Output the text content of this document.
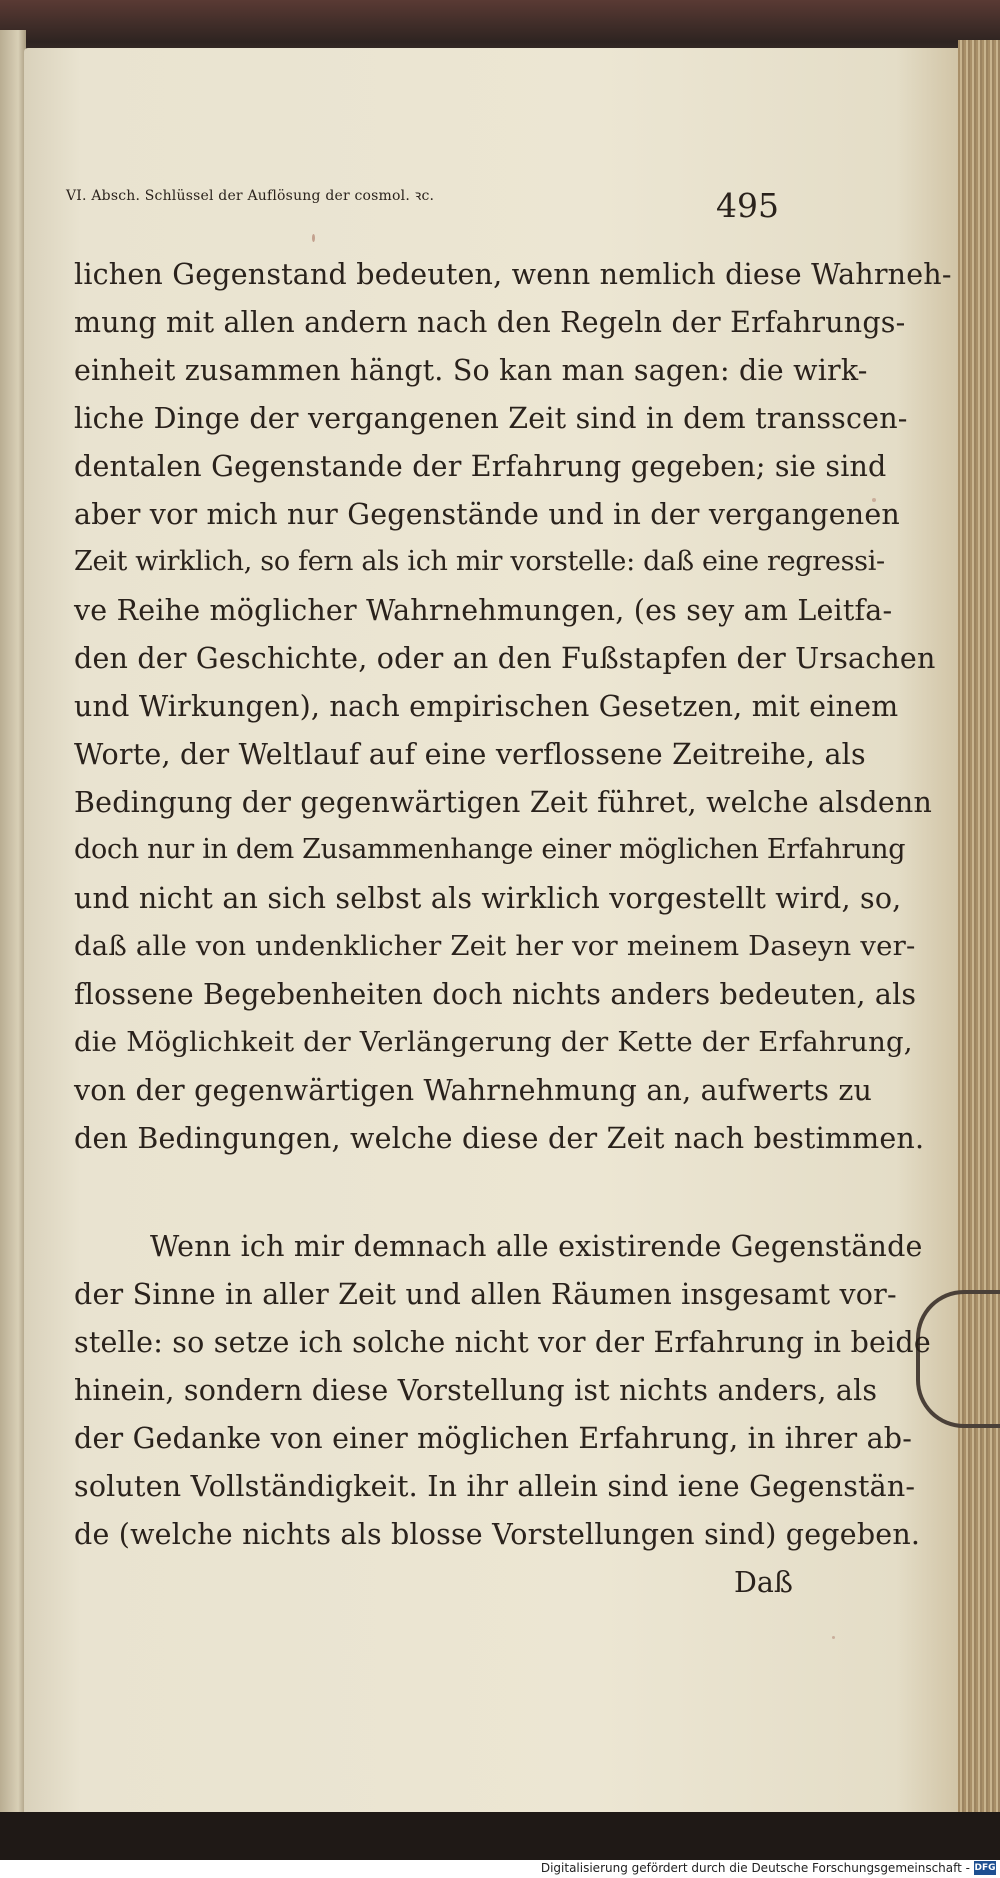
VI. Absch. Schlüssel der Auflösung der cosmol. ꝛc.	495
lichen Gegenstand bedeuten, wenn nemlich diese Wahrneh-
mung mit allen andern nach den Regeln der Erfahrungs-
einheit zusammen hängt. So kan man sagen: die wirk-
liche Dinge der vergangenen Zeit sind in dem transscen-
dentalen Gegenstande der Erfahrung gegeben; sie sind
aber vor mich nur Gegenstände und in der vergangenen
Zeit wirklich, so fern als ich mir vorstelle: daß eine regressi-
ve Reihe möglicher Wahrnehmungen, (es sey am Leitfa-
den der Geschichte, oder an den Fußstapfen der Ursachen
und Wirkungen), nach empirischen Gesetzen, mit einem
Worte, der Weltlauf auf eine verflossene Zeitreihe, als
Bedingung der gegenwärtigen Zeit führet, welche alsdenn
doch nur in dem Zusammenhange einer möglichen Erfahrung
und nicht an sich selbst als wirklich vorgestellt wird, so,
daß alle von undenklicher Zeit her vor meinem Daseyn ver-
flossene Begebenheiten doch nichts anders bedeuten, als
die Möglichkeit der Verlängerung der Kette der Erfahrung,
von der gegenwärtigen Wahrnehmung an, aufwerts zu
den Bedingungen, welche diese der Zeit nach bestimmen.
Wenn ich mir demnach alle existirende Gegenstände
der Sinne in aller Zeit und allen Räumen insgesamt vor-
stelle: so setze ich solche nicht vor der Erfahrung in beide
hinein, sondern diese Vorstellung ist nichts anders, als
der Gedanke von einer möglichen Erfahrung, in ihrer ab-
soluten Vollständigkeit. In ihr allein sind iene Gegenstän-
de (welche nichts als blosse Vorstellungen sind) gegeben.
Daß
Digitalisierung gefördert durch die Deutsche Forschungsgemeinschaft - DFG
